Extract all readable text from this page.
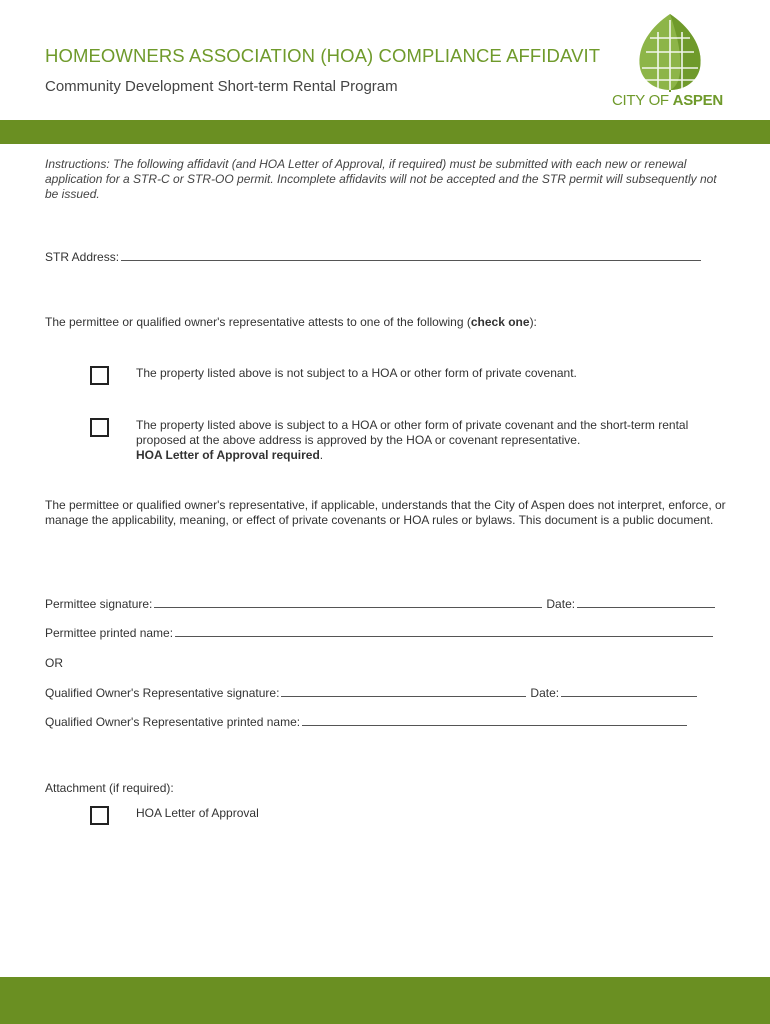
HOMEOWNERS ASSOCIATION (HOA) COMPLIANCE AFFIDAVIT
Community Development Short-term Rental Program
CITY OF ASPEN
Instructions: The following affidavit (and HOA Letter of Approval, if required) must be submitted with each new or renewal application for a STR-C or STR-OO permit. Incomplete affidavits will not be accepted and the STR permit will subsequently not be issued.
STR Address:
The permittee or qualified owner's representative attests to one of the following (check one):
The property listed above is not subject to a HOA or other form of private covenant.
The property listed above is subject to a HOA or other form of private covenant and the short-term rental proposed at the above address is approved by the HOA or covenant representative.
HOA Letter of Approval required.
The permittee or qualified owner's representative, if applicable, understands that the City of Aspen does not interpret, enforce, or manage the applicability, meaning, or effect of private covenants or HOA rules or bylaws. This document is a public document.
Permittee signature:	Date:
Permittee printed name:
OR
Qualified Owner's Representative signature:	Date:
Qualified Owner's Representative printed name:
Attachment (if required):
HOA Letter of Approval
